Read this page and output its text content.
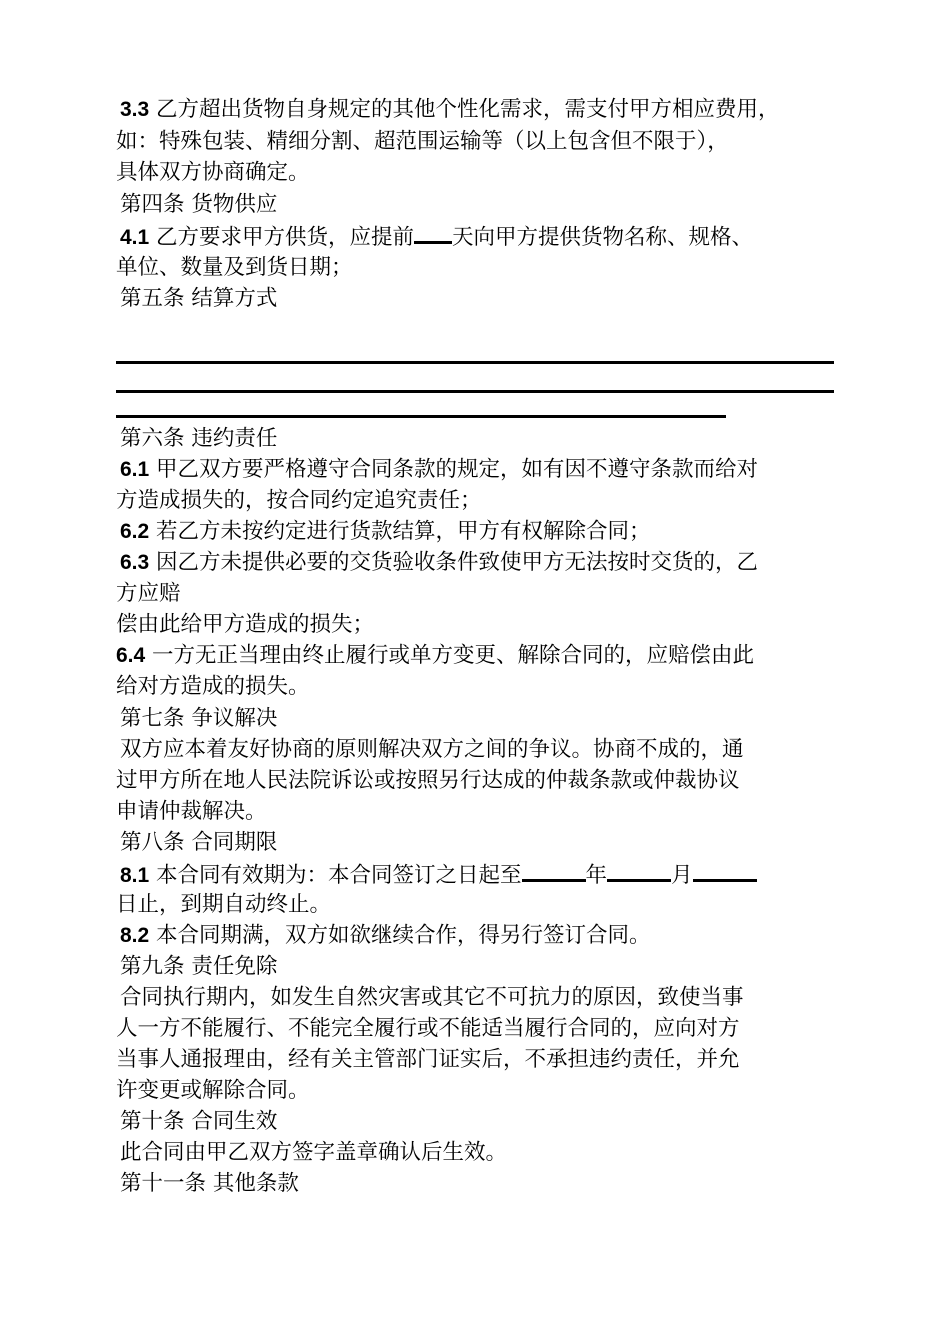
3.3 乙方超出货物自身规定的其他个性化需求，需支付甲方相应费用，
如：特殊包装、精细分割、超范围运输等（以上包含但不限于），
具体双方协商确定。
第四条 货物供应
4.1 乙方要求甲方供货，应提前 天向甲方提供货物名称、规格、
单位、数量及到货日期；
第五条 结算方式
第六条 违约责任
6.1 甲乙双方要严格遵守合同条款的规定，如有因不遵守条款而给对
方造成损失的，按合同约定追究责任；
6.2 若乙方未按约定进行货款结算，甲方有权解除合同；
6.3 因乙方未提供必要的交货验收条件致使甲方无法按时交货的，乙
方应赔
偿由此给甲方造成的损失；
6.4 一方无正当理由终止履行或单方变更、解除合同的，应赔偿由此
给对方造成的损失。
第七条 争议解决
双方应本着友好协商的原则解决双方之间的争议。协商不成的，通
过甲方所在地人民法院诉讼或按照另行达成的仲裁条款或仲裁协议
申请仲裁解决。
第八条 合同期限
8.1 本合同有效期为：本合同签订之日起至	年	月
日止，到期自动终止。
8.2 本合同期满，双方如欲继续合作，得另行签订合同。
第九条 责任免除
合同执行期内，如发生自然灾害或其它不可抗力的原因，致使当事
人一方不能履行、不能完全履行或不能适当履行合同的，应向对方
当事人通报理由，经有关主管部门证实后，不承担违约责任，并允
许变更或解除合同。
第十条 合同生效
此合同由甲乙双方签字盖章确认后生效。
第十一条 其他条款
